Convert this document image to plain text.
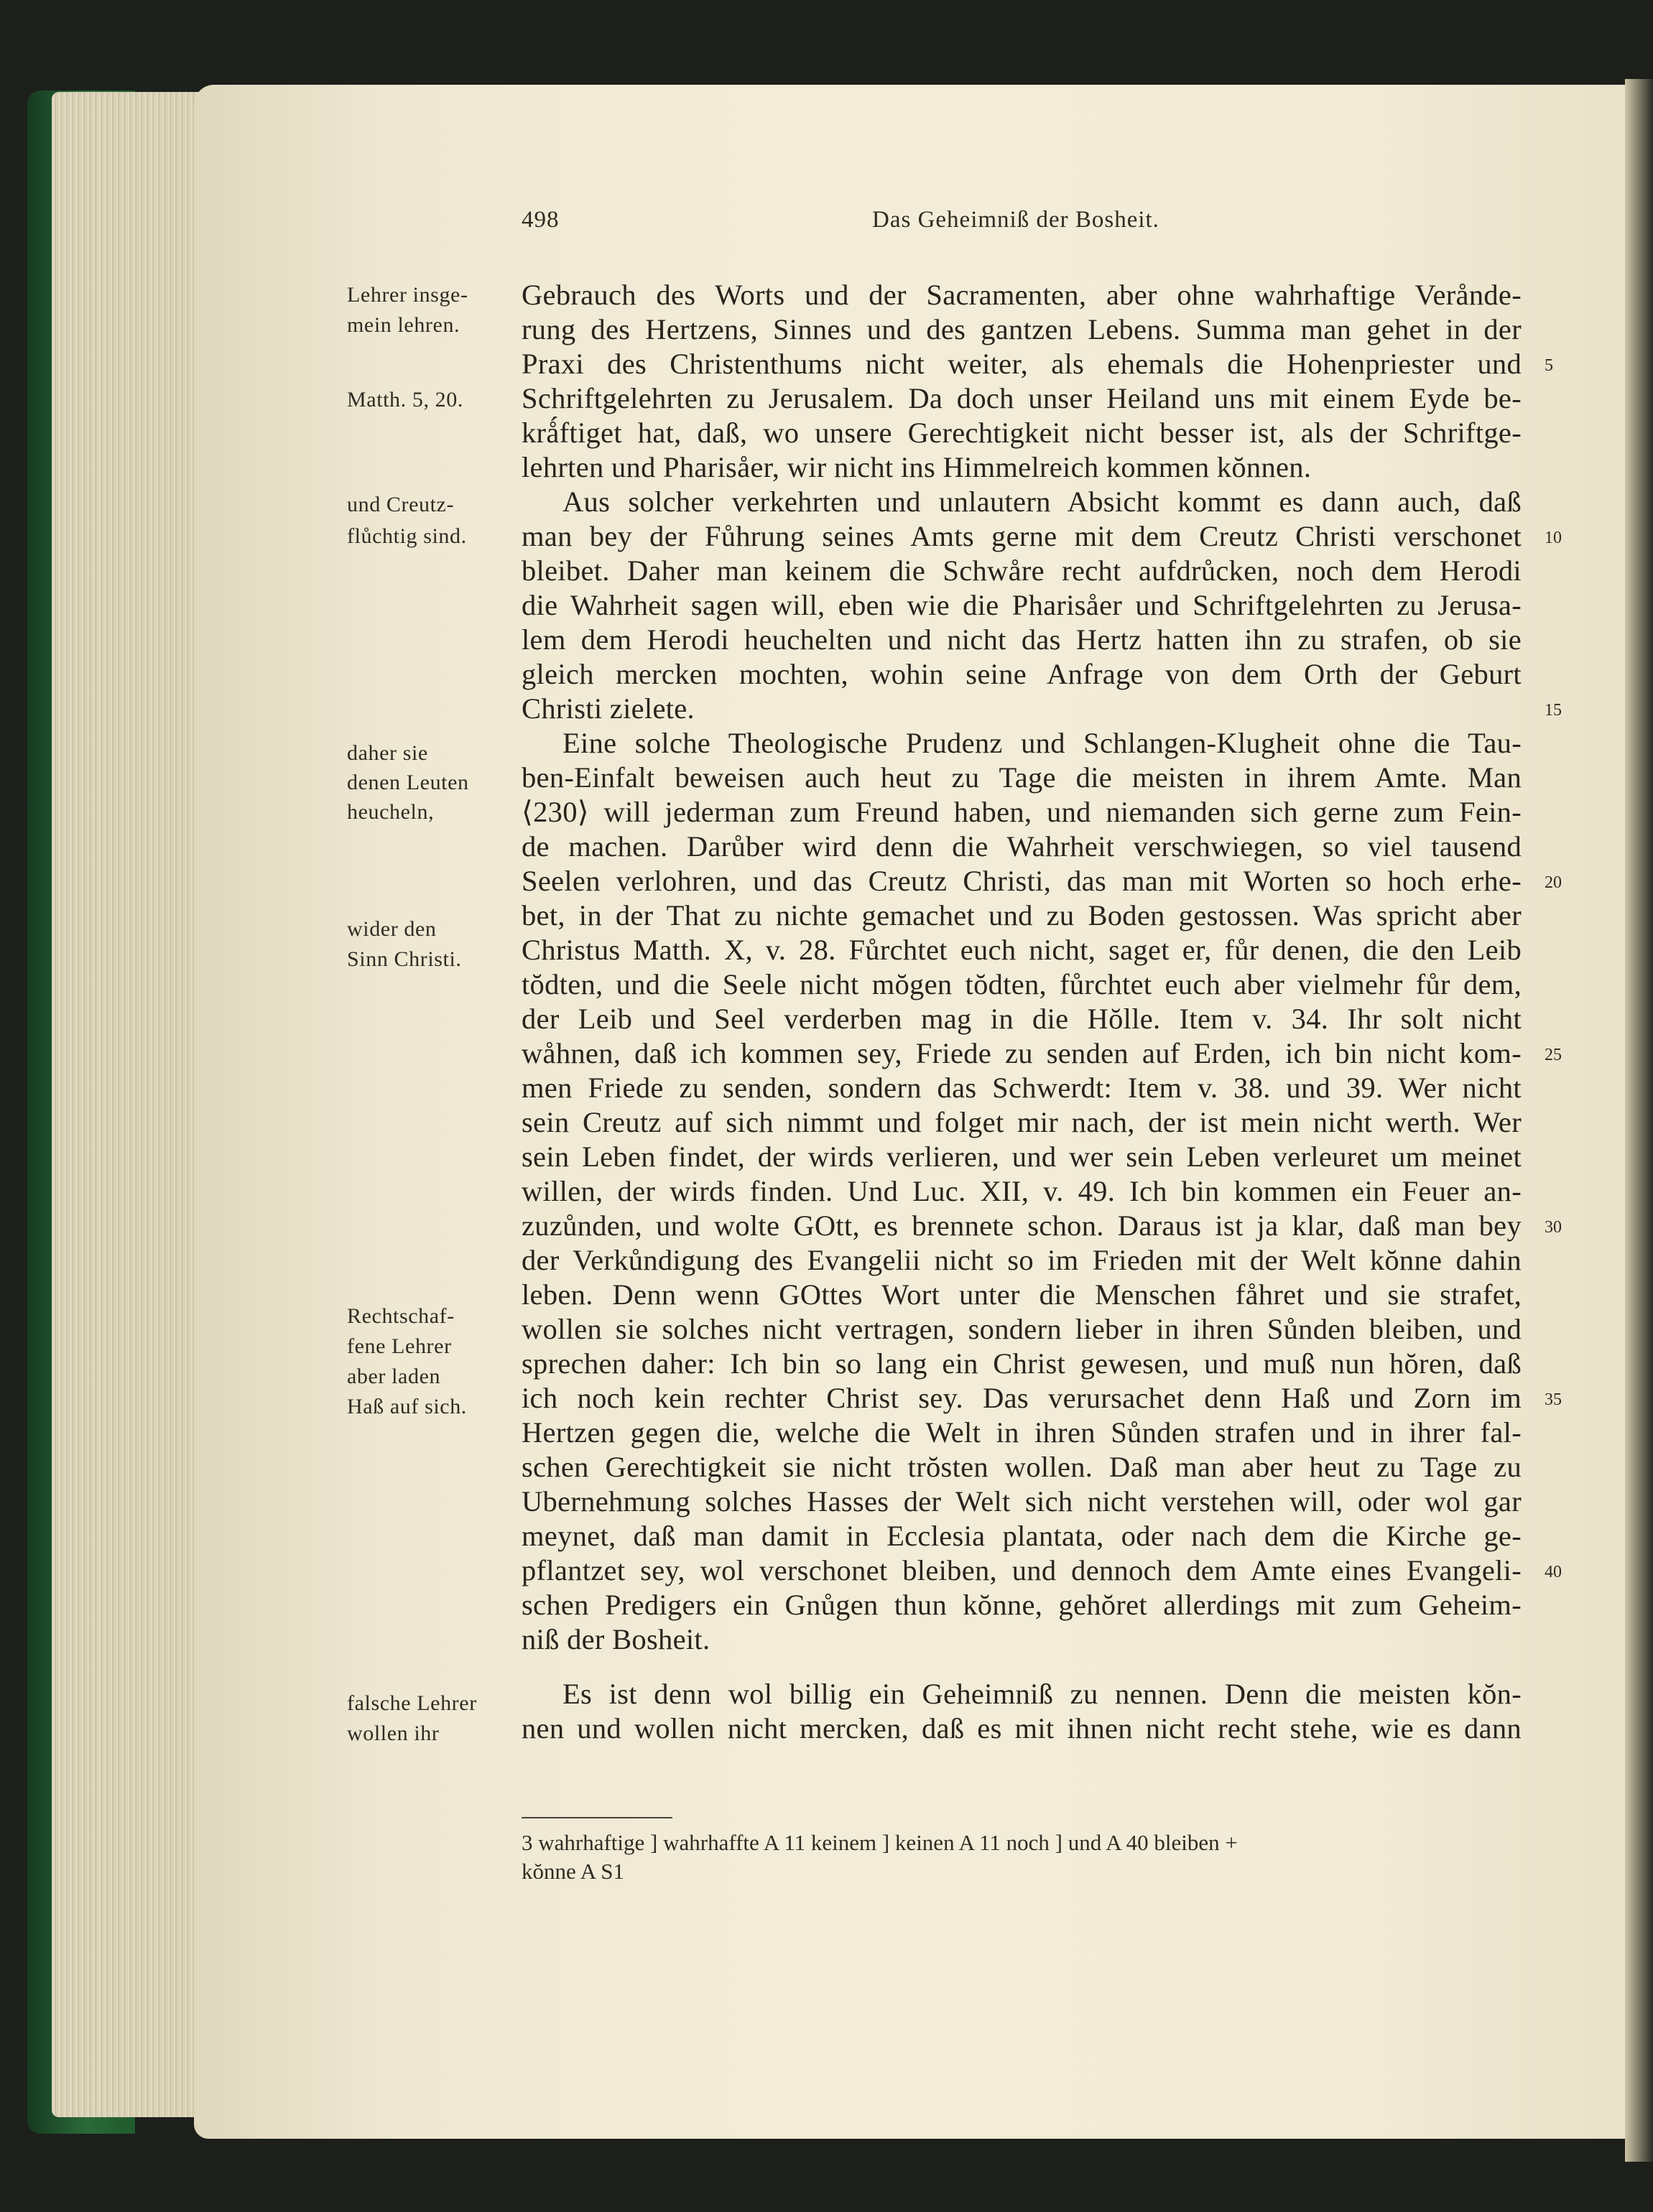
498	Das Geheimniß der Bosheit.
Lehrer insge-
mein lehren.
Matth. 5, 20.
und Creutz-
flůchtig sind.
daher sie
denen Leuten
heucheln,
wider den
Sinn Christi.
Rechtschaf-
fene Lehrer
aber laden
Haß auf sich.
falsche Lehrer
wollen ihr
Gebrauch des Worts und der Sacramenten, aber ohne wahrhaftige Verånde-
rung des Hertzens, Sinnes und des gantzen Lebens. Summa man gehet in der
Praxi des Christenthums nicht weiter, als ehemals die Hohenpriester und
Schriftgelehrten zu Jerusalem. Da doch unser Heiland uns mit einem Eyde be-
krǻftiget hat, daß, wo unsere Gerechtigkeit nicht besser ist, als der Schriftge-
lehrten und Pharisåer, wir nicht ins Himmelreich kommen kŏnnen.
Aus solcher verkehrten und unlautern Absicht kommt es dann auch, daß
man bey der Fůhrung seines Amts gerne mit dem Creutz Christi verschonet
bleibet. Daher man keinem die Schwåre recht aufdrůcken, noch dem Herodi
die Wahrheit sagen will, eben wie die Pharisåer und Schriftgelehrten zu Jerusa-
lem dem Herodi heuchelten und nicht das Hertz hatten ihn zu strafen, ob sie
gleich mercken mochten, wohin seine Anfrage von dem Orth der Geburt
Christi zielete.
Eine solche Theologische Prudenz und Schlangen-Klugheit ohne die Tau-
ben-Einfalt beweisen auch heut zu Tage die meisten in ihrem Amte. Man
⟨230⟩ will jederman zum Freund haben, und niemanden sich gerne zum Fein-
de machen. Darůber wird denn die Wahrheit verschwiegen, so viel tausend
Seelen verlohren, und das Creutz Christi, das man mit Worten so hoch erhe-
bet, in der That zu nichte gemachet und zu Boden gestossen. Was spricht aber
Christus Matth. X, v. 28. Fůrchtet euch nicht, saget er, fůr denen, die den Leib
tŏdten, und die Seele nicht mŏgen tŏdten, fůrchtet euch aber vielmehr fůr dem,
der Leib und Seel verderben mag in die Hŏlle. Item v. 34. Ihr solt nicht
wåhnen, daß ich kommen sey, Friede zu senden auf Erden, ich bin nicht kom-
men Friede zu senden, sondern das Schwerdt: Item v. 38. und 39. Wer nicht
sein Creutz auf sich nimmt und folget mir nach, der ist mein nicht werth. Wer
sein Leben findet, der wirds verlieren, und wer sein Leben verleuret um meinet
willen, der wirds finden. Und Luc. XII, v. 49. Ich bin kommen ein Feuer an-
zuzůnden, und wolte GOtt, es brennete schon. Daraus ist ja klar, daß man bey
der Verkůndigung des Evangelii nicht so im Frieden mit der Welt kŏnne dahin
leben. Denn wenn GOttes Wort unter die Menschen fåhret und sie strafet,
wollen sie solches nicht vertragen, sondern lieber in ihren Sůnden bleiben, und
sprechen daher: Ich bin so lang ein Christ gewesen, und muß nun hŏren, daß
ich noch kein rechter Christ sey. Das verursachet denn Haß und Zorn im
Hertzen gegen die, welche die Welt in ihren Sůnden strafen und in ihrer fal-
schen Gerechtigkeit sie nicht trŏsten wollen. Daß man aber heut zu Tage zu
Ubernehmung solches Hasses der Welt sich nicht verstehen will, oder wol gar
meynet, daß man damit in Ecclesia plantata, oder nach dem die Kirche ge-
pflantzet sey, wol verschonet bleiben, und dennoch dem Amte eines Evangeli-
schen Predigers ein Gnůgen thun kŏnne, gehŏret allerdings mit zum Geheim-
niß der Bosheit.
Es ist denn wol billig ein Geheimniß zu nennen. Denn die meisten kŏn-
nen und wollen nicht mercken, daß es mit ihnen nicht recht stehe, wie es dann
5
10
15
20
25
30
35
40
3 wahrhaftige ] wahrhaffte A 11 keinem ] keinen A 11 noch ] und A 40 bleiben +
kŏnne A S1
